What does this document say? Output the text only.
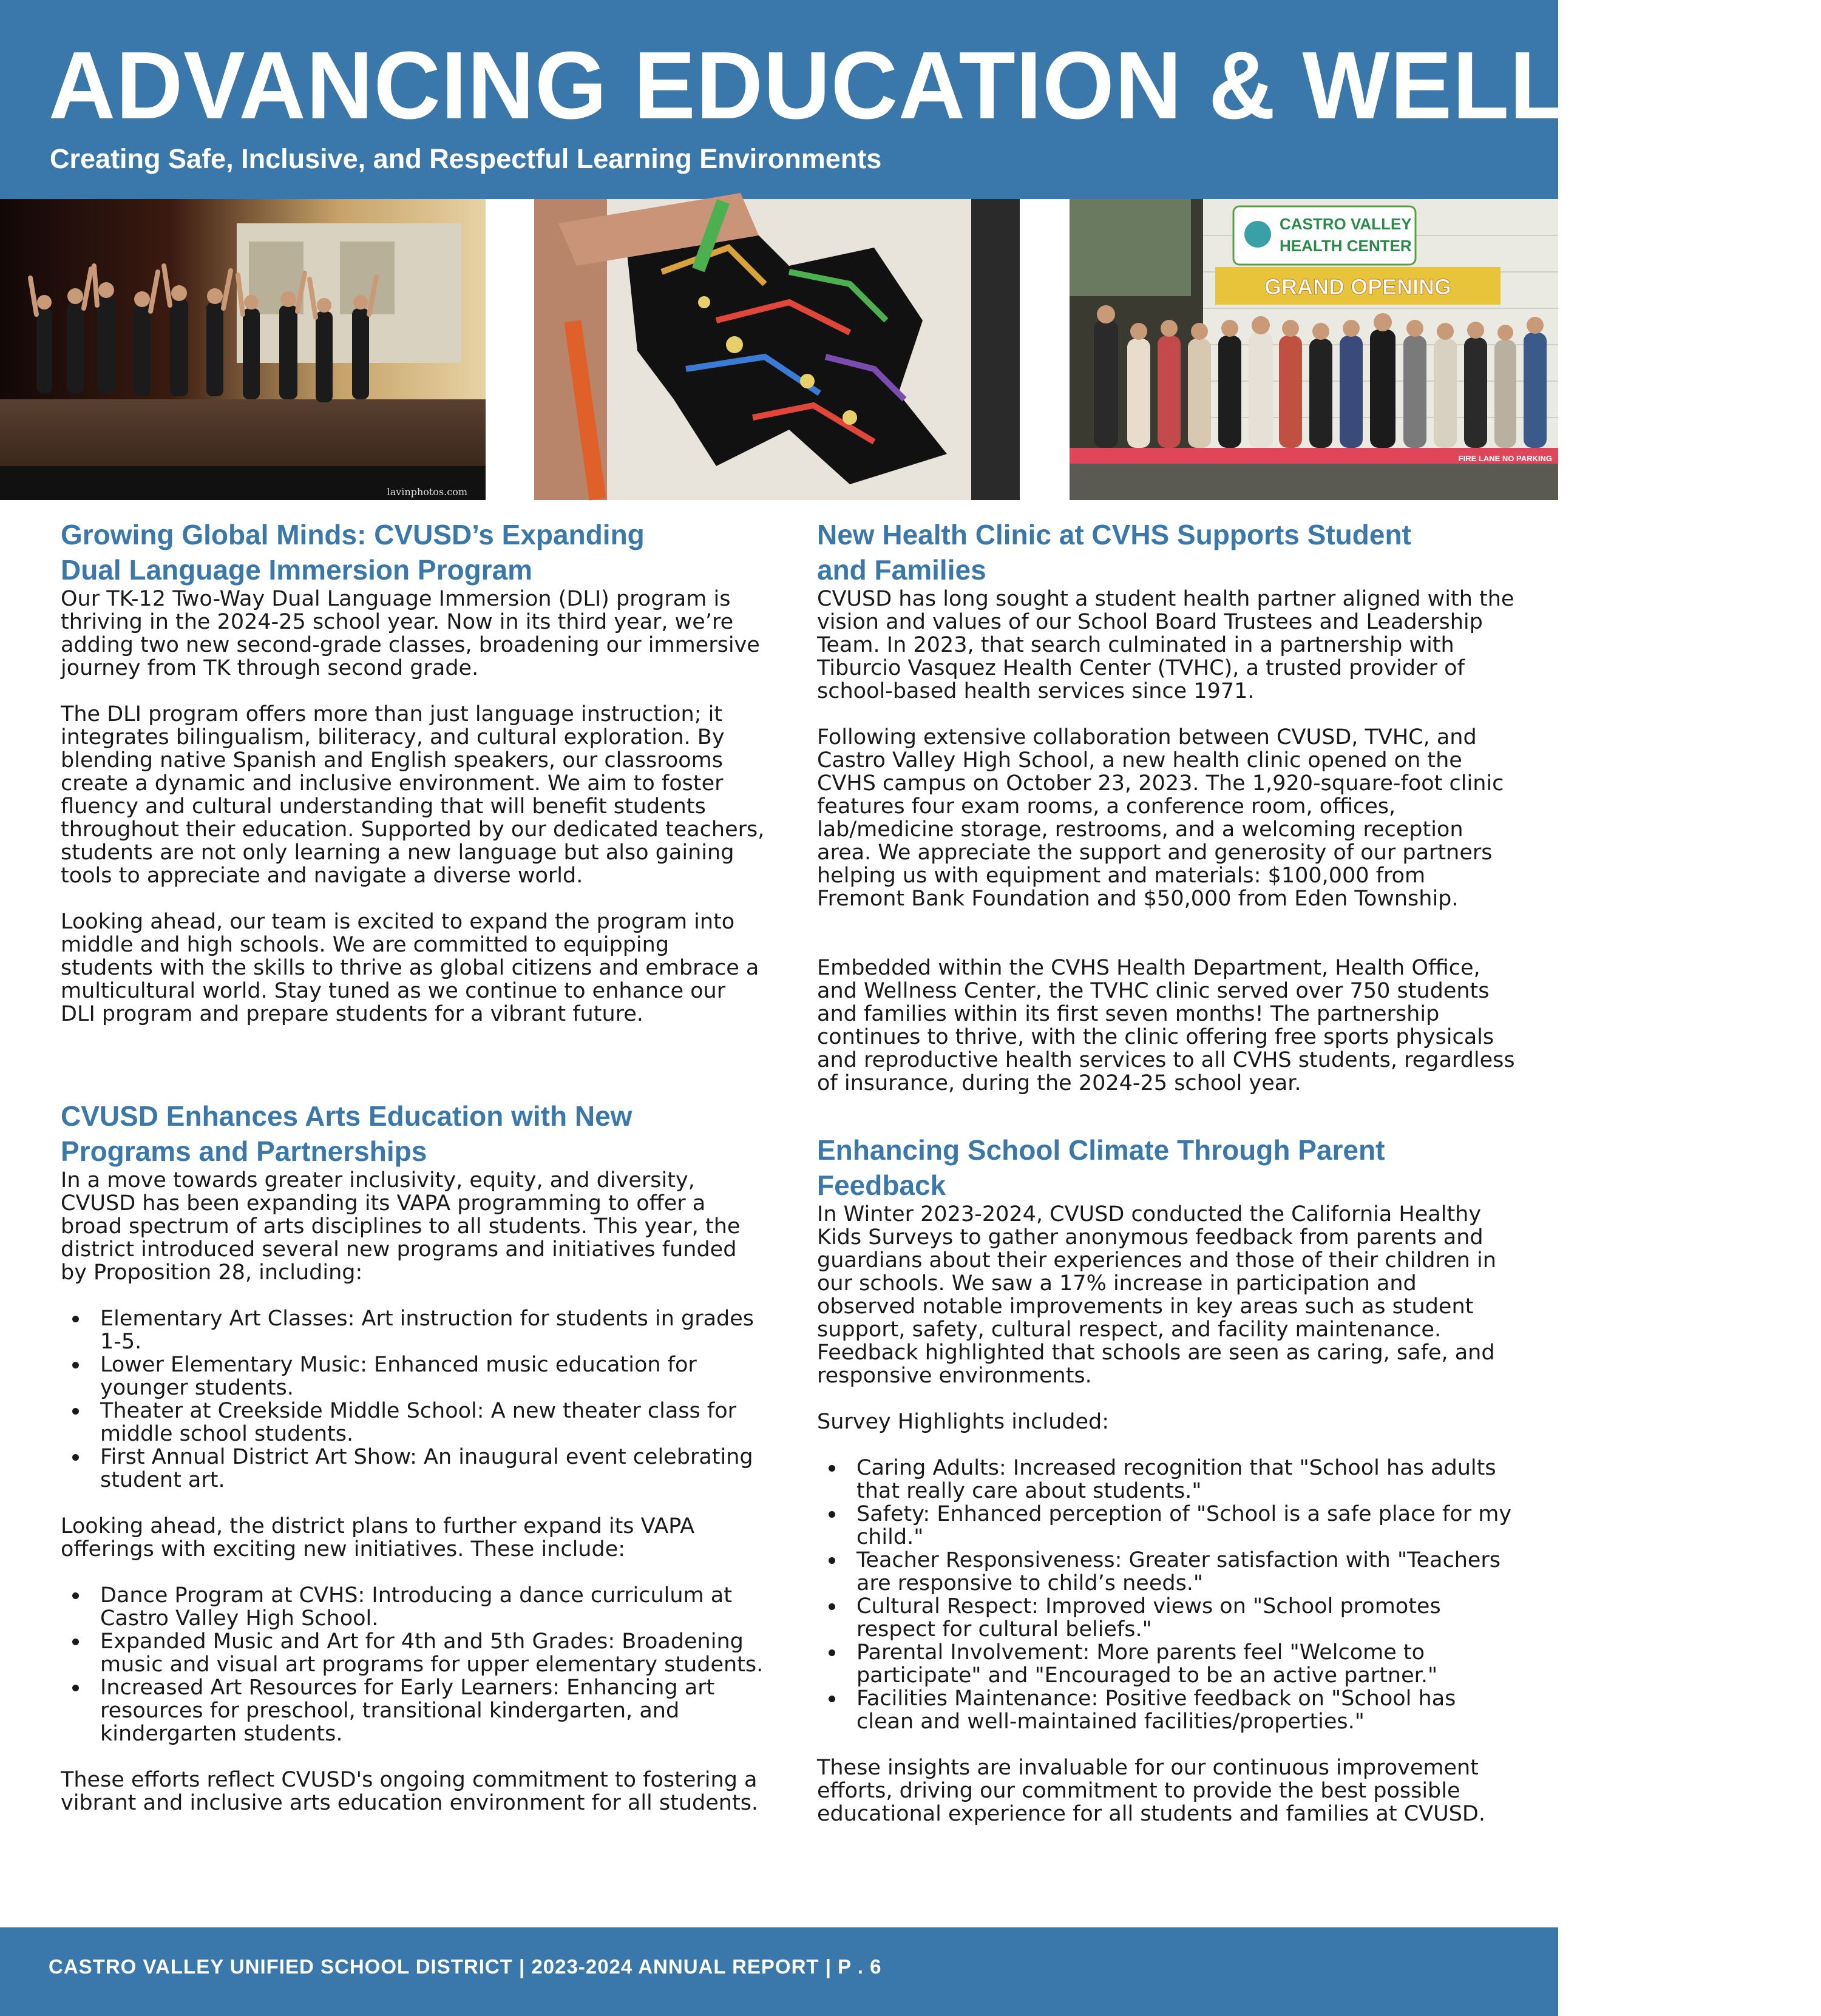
ADVANCING EDUCATION & WELLNESS
Creating Safe, Inclusive, and Respectful Learning Environments
lavinphotos.com
CASTRO VALLEY
HEALTH CENTER
GRAND OPENING
FIRE LANE NO PARKING
Growing Global Minds: CVUSD’s Expanding
Dual Language Immersion Program

Our TK-12 Two-Way Dual Language Immersion (DLI) program is thriving in the 2024-25 school year. Now in its third year, we’re adding two new second-grade classes, broadening our immersive journey from TK through second grade.

The DLI program offers more than just language instruction; it integrates bilingualism, biliteracy, and cultural exploration. By blending native Spanish and English speakers, our classrooms create a dynamic and inclusive environment. We aim to foster fluency and cultural understanding that will benefit students throughout their education. Supported by our dedicated teachers, students are not only learning a new language but also gaining tools to appreciate and navigate a diverse world.

Looking ahead, our team is excited to expand the program into middle and high schools. We are committed to equipping students with the skills to thrive as global citizens and embrace a multicultural world. Stay tuned as we continue to enhance our DLI program and prepare students for a vibrant future.

CVUSD Enhances Arts Education with New
Programs and Partnerships

In a move towards greater inclusivity, equity, and diversity, CVUSD has been expanding its VAPA programming to offer a broad spectrum of arts disciplines to all students. This year, the district introduced several new programs and initiatives funded by Proposition 28, including:

Elementary Art Classes: Art instruction for students in grades 1-5.
Lower Elementary Music: Enhanced music education for younger students.
Theater at Creekside Middle School: A new theater class for middle school students.
First Annual District Art Show: An inaugural event celebrating student art.

Looking ahead, the district plans to further expand its VAPA offerings with exciting new initiatives. These include:

Dance Program at CVHS: Introducing a dance curriculum at Castro Valley High School.
Expanded Music and Art for 4th and 5th Grades: Broadening music and visual art programs for upper elementary students.
Increased Art Resources for Early Learners: Enhancing art resources for preschool, transitional kindergarten, and kindergarten students.

These efforts reflect CVUSD's ongoing commitment to fostering a vibrant and inclusive arts education environment for all students.

New Health Clinic at CVHS Supports Student
and Families

CVUSD has long sought a student health partner aligned with the vision and values of our School Board Trustees and Leadership Team. In 2023, that search culminated in a partnership with Tiburcio Vasquez Health Center (TVHC), a trusted provider of school-based health services since 1971.

Following extensive collaboration between CVUSD, TVHC, and Castro Valley High School, a new health clinic opened on the CVHS campus on October 23, 2023. The 1,920-square-foot clinic features four exam rooms, a conference room, offices, lab/medicine storage, restrooms, and a welcoming reception area. We appreciate the support and generosity of our partners helping us with equipment and materials: $100,000 from Fremont Bank Foundation and $50,000 from Eden Township.

Embedded within the CVHS Health Department, Health Office, and Wellness Center, the TVHC clinic served over 750 students and families within its first seven months! The partnership continues to thrive, with the clinic offering free sports physicals and reproductive health services to all CVHS students, regardless of insurance, during the 2024-25 school year.

Enhancing School Climate Through Parent
Feedback

In Winter 2023-2024, CVUSD conducted the California Healthy Kids Surveys to gather anonymous feedback from parents and guardians about their experiences and those of their children in our schools. We saw a 17% increase in participation and observed notable improvements in key areas such as student support, safety, cultural respect, and facility maintenance. Feedback highlighted that schools are seen as caring, safe, and responsive environments.

Survey Highlights included:

Caring Adults: Increased recognition that "School has adults that really care about students."
Safety: Enhanced perception of "School is a safe place for my child."
Teacher Responsiveness: Greater satisfaction with "Teachers are responsive to child’s needs."
Cultural Respect: Improved views on "School promotes respect for cultural beliefs."
Parental Involvement: More parents feel "Welcome to participate" and "Encouraged to be an active partner."
Facilities Maintenance: Positive feedback on "School has clean and well-maintained facilities/properties."

These insights are invaluable for our continuous improvement efforts, driving our commitment to provide the best possible educational experience for all students and families at CVUSD.

CASTRO VALLEY UNIFIED SCHOOL DISTRICT | 2023-2024 ANNUAL REPORT | P . 6
